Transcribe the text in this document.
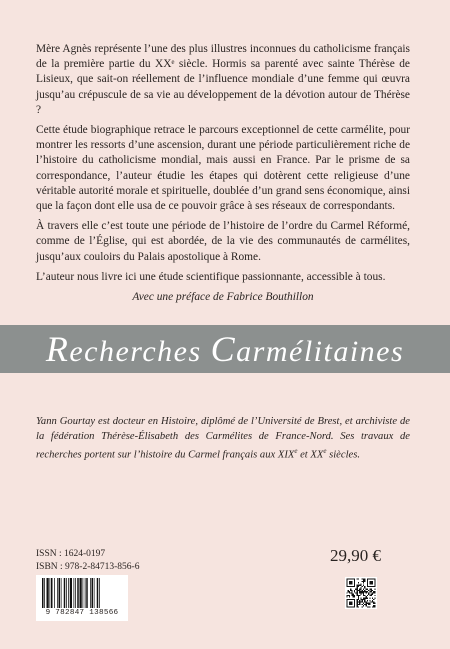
Mère Agnès représente l’une des plus illustres inconnues du catholicisme français de la première partie du XXᵉ siècle. Hormis sa parenté avec sainte Thérèse de Lisieux, que sait-on réellement de l’influence mondiale d’une femme qui œuvra jusqu’au crépuscule de sa vie au développement de la dévotion autour de Thérèse ?

Cette étude biographique retrace le parcours exceptionnel de cette carmélite, pour montrer les ressorts d’une ascension, durant une période particulièrement riche de l’histoire du catholicisme mondial, mais aussi en France. Par le prisme de sa correspondance, l’auteur étudie les étapes qui dotèrent cette religieuse d’une véritable autorité morale et spirituelle, doublée d’un grand sens économique, ainsi que la façon dont elle usa de ce pouvoir grâce à ses réseaux de correspondants.

À travers elle c’est toute une période de l’histoire de l’ordre du Carmel Réformé, comme de l’Église, qui est abordée, de la vie des communautés de carmélites, jusqu’aux couloirs du Palais apostolique à Rome.

L’auteur nous livre ici une étude scientifique passionnante, accessible à tous.

Avec une préface de Fabrice Bouthillon

Recherches Carmélitaines
Yann Gourtay est docteur en Histoire, diplômé de l’Université de Brest, et archiviste de la fédération Thérèse-Élisabeth des Carmélites de France-Nord. Ses travaux de recherches portent sur l’histoire du Carmel français aux XIXe et XXe siècles.
ISSN : 1624-0197
ISBN : 978-2-84713-856-6
29,90 €
9 782847 138566
